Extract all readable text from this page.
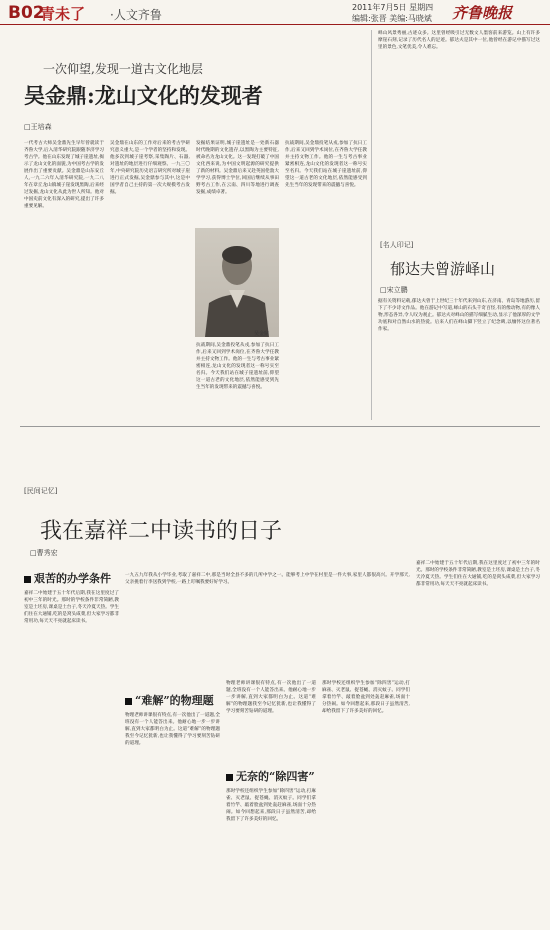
B02
青未了 ·人文齐鲁
2011年7月5日 星期四
编辑:张晋 美编:马晓斌 齐鲁晚报
一次仰望,发现一道古文化地层
吴金鼎:龙山文化的发现者
□王培森
一代考古大师吴金鼎先生早年曾就读于齐鲁大学,后入清华研究院跟随李济学习考古学。他在山东发现了城子崖遗址,揭示了龙山文化的面貌,为中国考古学的发展作出了重要贡献。吴金鼎是山东安丘人,一九二六年入清华研究院,一九二八年在章丘龙山镇城子崖发现黑陶,后来经过发掘,龙山文化从此为世人所知。他对中国史前文化有深入的研究,提出了许多重要见解。
吴金鼎在山东的工作对后来的考古学研究意义重大,是一个学者的坚持和发现。他多次到城子崖考察,采集陶片、石器,对遗址的地层进行仔细观察。一九三〇年,中央研究院历史语言研究所对城子崖进行正式发掘,吴金鼎参与其中,这是中国学者自己主持的第一次大规模考古发掘。
发掘结果证明,城子崖遗址是一处新石器时代晚期的文化遗存,以黑陶为主要特征,被命名为龙山文化。这一发现打破了中国文化西来说,为中国文明起源的研究提供了新的材料。吴金鼎后来又赴英国伦敦大学学习,获得博士学位,回国后继续从事田野考古工作,在云南、四川等地进行调查发掘,成绩卓著。
抗战期间,吴金鼎投笔从戎,参加了抗日工作,后来又回到学术岗位,在齐鲁大学任教并主持文物工作。他的一生与考古事业紧密相连,龙山文化的发现者这一称号实至名归。今天我们站在城子崖遗址前,仰望这一道古老的文化地层,依然能感受到先生当年的发现带来的震撼与喜悦。
抗战期间,吴金鼎投笔从戎,参加了抗日工作,后来又回到学术岗位,在齐鲁大学任教并主持文物工作。他的一生与考古事业紧密相连,龙山文化的发现者这一称号实至名归。今天我们站在城子崖遗址前,仰望这一道古老的文化地层,依然能感受到先生当年的发现带来的震撼与喜悦。
吴金鼎
峄山风景秀丽,古迹众多。这里曾经吸引过无数文人墨客前来游览。山上有许多摩崖石刻,记录了历代名人的足迹。郁达夫是其中一位,他曾经在游记中描写过这里的景色,文笔优美,令人难忘。
[名人印记]
郁达夫曾游峄山
□宋立鹏
据有关资料记载,郁达夫曾于上世纪三十年代来到山东,在济南、青岛等地游历,留下了不少诗文作品。他在游记中写道,峄山的石头千奇百怪,有的像动物,有的像人物,形态各异,令人叹为观止。郁达夫对峄山的描写细腻生动,显示了他深厚的文学功底和对自然山水的热爱。后来人们在峄山脚下竖立了纪念碑,以缅怀这位著名作家。
[民间记忆]
我在嘉祥二中读书的日子
□曹秀宏
艰苦的办学条件
嘉祥二中始建于五十年代后期,我在这里度过了初中三年的时光。那时的学校条件非常简陋,教室是土坯房,课桌是土台子,冬天冷夏天热。学生们住在大通铺,吃的是窝头咸菜,但大家学习都非常用功,每天天不亮就起床读书。
一九五九年我从小学毕业,考取了嘉祥二中,那是当时全县不多的几所中学之一。能够考上中学在村里是一件大事,家里人都很高兴。开学那天,父亲挑着行李送我到学校,一路上叮嘱我要好好学习。
“难解”的物理题
物理老师讲课很有特点,有一次他出了一道题,全班没有一个人能答出来。他耐心地一步一步讲解,直到大家都明白为止。这道“难解”的物理题我至今记忆犹新,也让我懂得了学习要刻苦钻研的道理。
物理老师讲课很有特点,有一次他出了一道题,全班没有一个人能答出来。他耐心地一步一步讲解,直到大家都明白为止。这道“难解”的物理题我至今记忆犹新,也让我懂得了学习要刻苦钻研的道理。
无奈的“除四害”
那时学校还组织学生参加“除四害”运动,打麻雀、灭老鼠、捉苍蝇、消灭蚊子。同学们拿着竹竿、敲着脸盆到处轰赶麻雀,场面十分热闹。如今回想起来,那段日子虽然清苦,却给我留下了许多美好的回忆。
那时学校还组织学生参加“除四害”运动,打麻雀、灭老鼠、捉苍蝇、消灭蚊子。同学们拿着竹竿、敲着脸盆到处轰赶麻雀,场面十分热闹。如今回想起来,那段日子虽然清苦,却给我留下了许多美好的回忆。
嘉祥二中始建于五十年代后期,我在这里度过了初中三年的时光。那时的学校条件非常简陋,教室是土坯房,课桌是土台子,冬天冷夏天热。学生们住在大通铺,吃的是窝头咸菜,但大家学习都非常用功,每天天不亮就起床读书。
